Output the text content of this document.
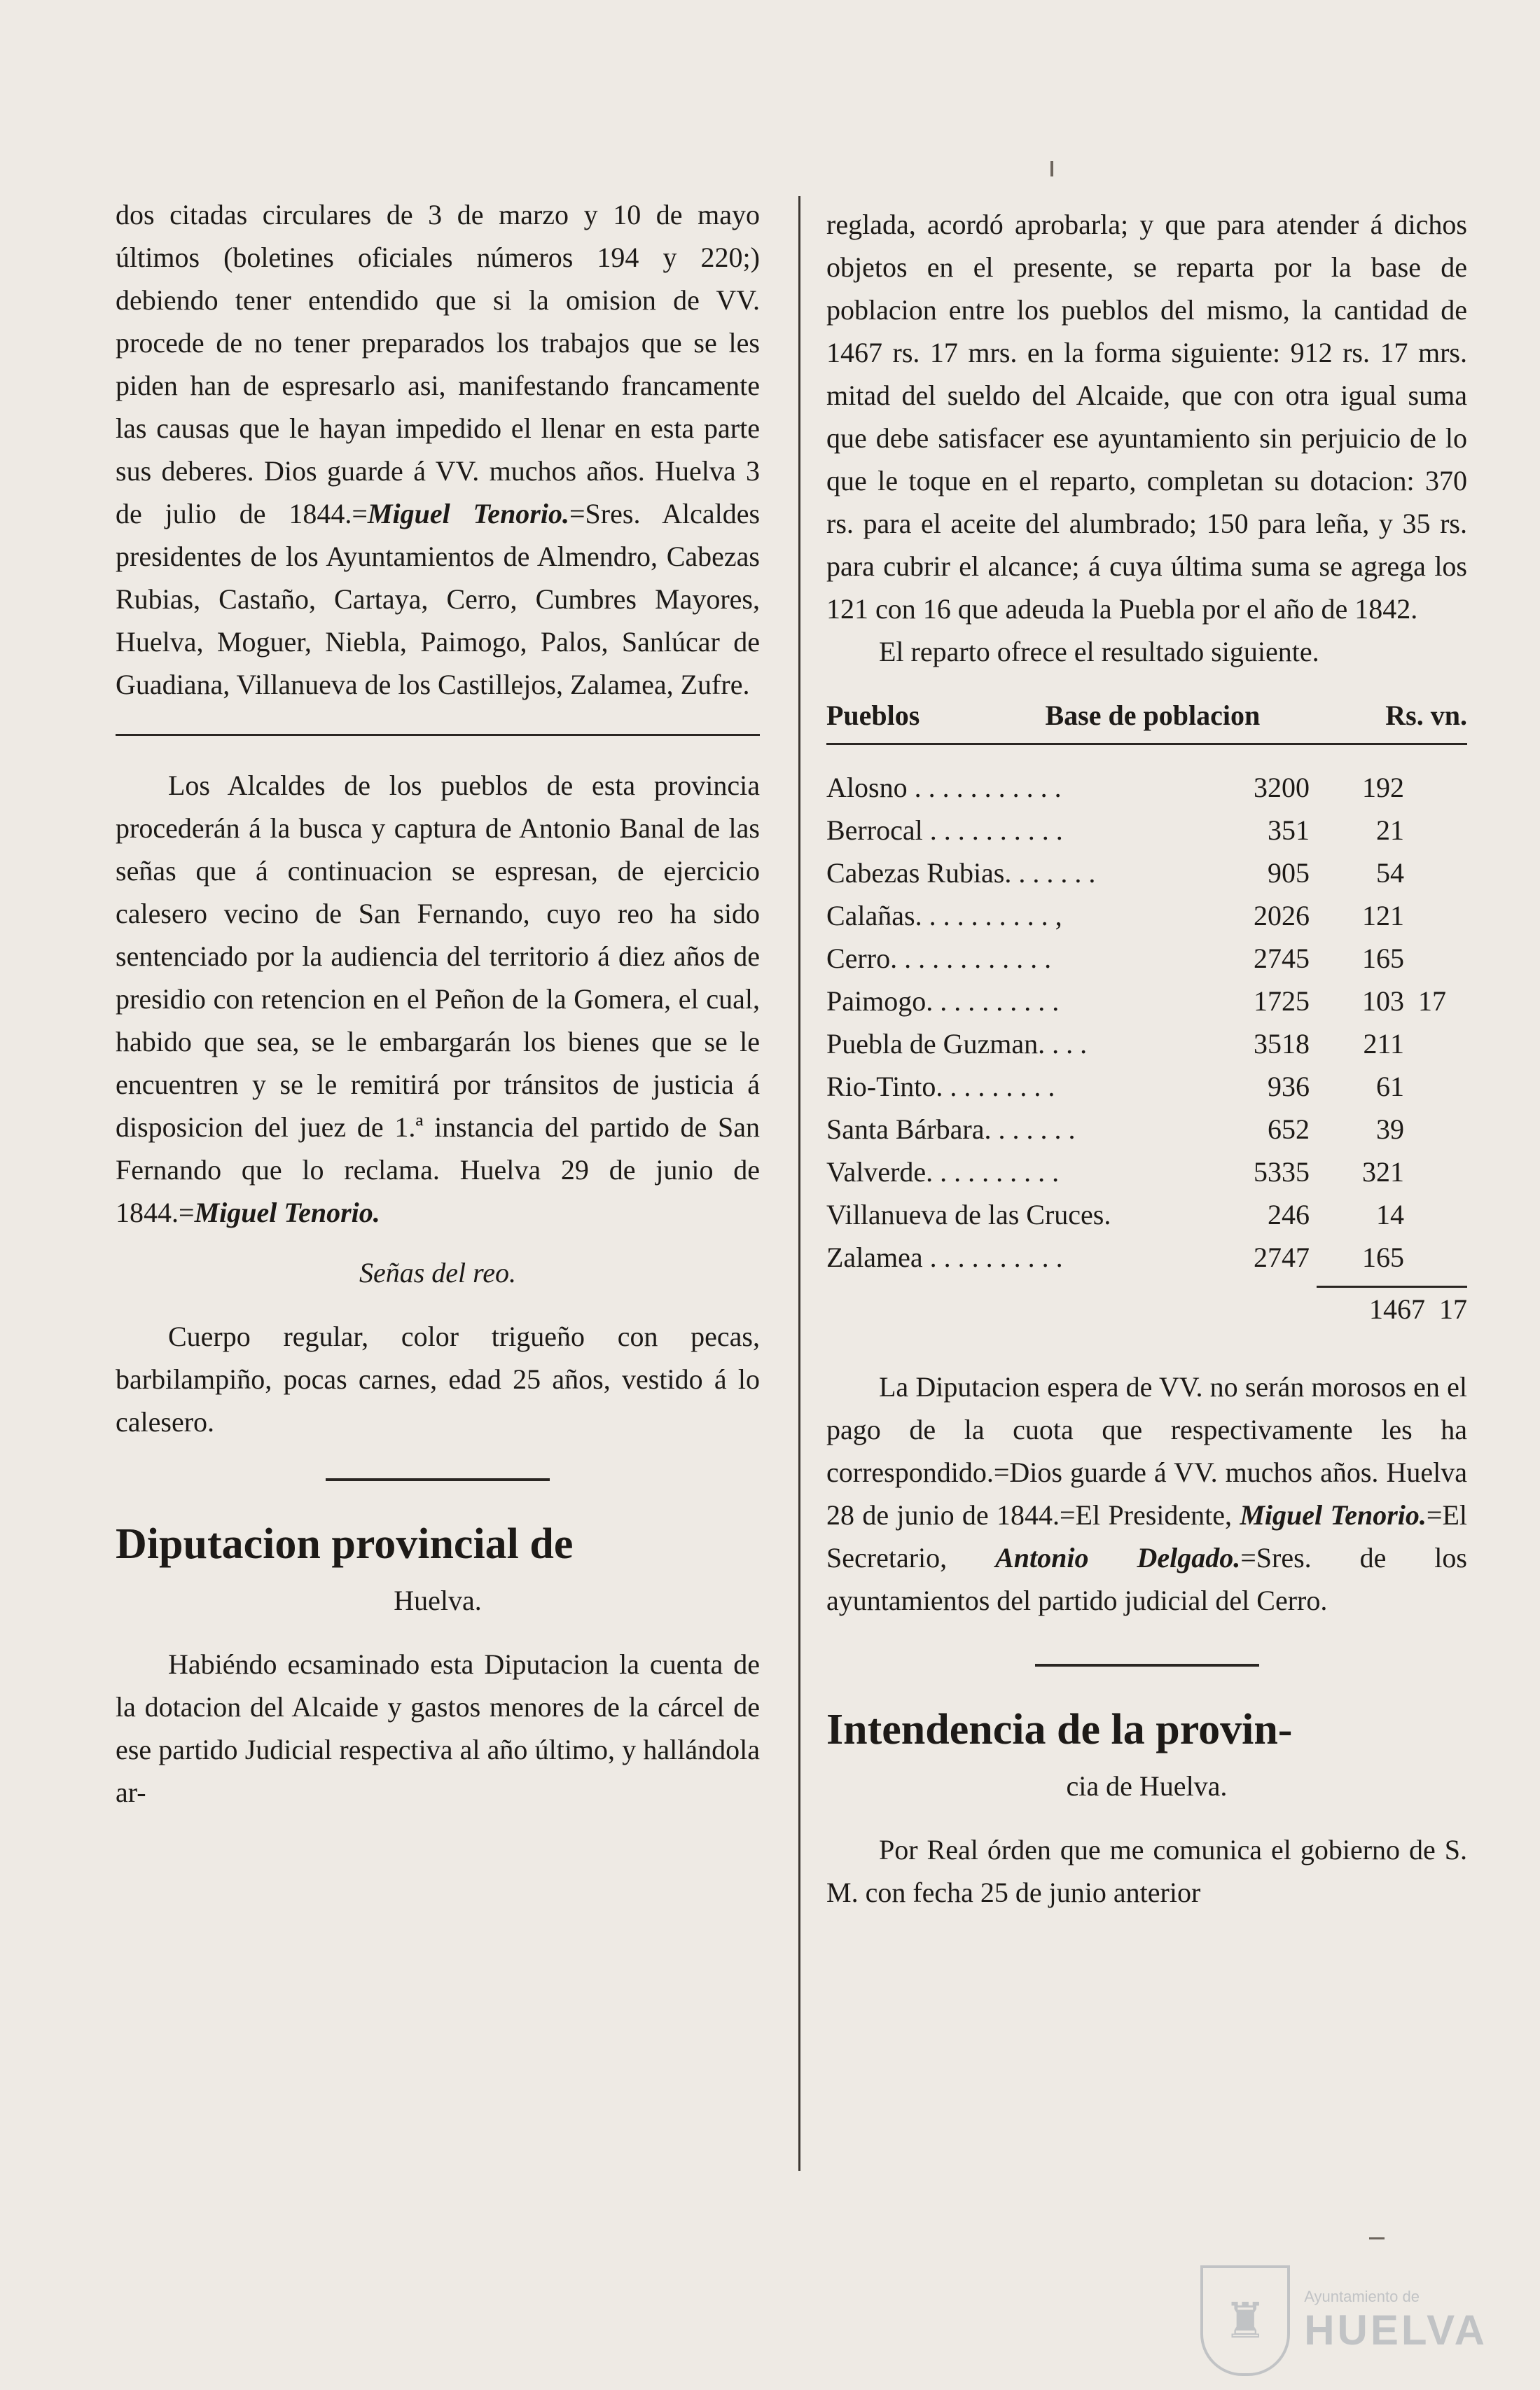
dos citadas circulares de 3 de marzo y 10 de mayo últimos (boletines oficiales números 194 y 220;) debiendo tener entendido que si la omision de VV. procede de no tener preparados los trabajos que se les piden han de espresarlo asi, manifestando francamente las causas que le hayan impedido el llenar en esta parte sus deberes. Dios guarde á VV. muchos años. Huelva 3 de julio de 1844.=Miguel Tenorio.=Sres. Alcaldes presidentes de los Ayuntamientos de Almendro, Cabezas Rubias, Castaño, Cartaya, Cerro, Cumbres Mayores, Huelva, Moguer, Niebla, Paimogo, Palos, Sanlúcar de Guadiana, Villanueva de los Castillejos, Zalamea, Zufre.

Los Alcaldes de los pueblos de esta provincia procederán á la busca y captura de Antonio Banal de las señas que á continuacion se espresan, de ejercicio calesero vecino de San Fernando, cuyo reo ha sido sentenciado por la audiencia del territorio á diez años de presidio con retencion en el Peñon de la Gomera, el cual, habido que sea, se le embargarán los bienes que se le encuentren y se le remitirá por tránsitos de justicia á disposicion del juez de 1.ª instancia del partido de San Fernando que lo reclama. Huelva 29 de junio de 1844.=Miguel Tenorio.

Señas del reo.

Cuerpo regular, color trigueño con pecas, barbilampiño, pocas carnes, edad 25 años, vestido á lo calesero.

Diputacion provincial de
Huelva.

Habiéndo ecsaminado esta Diputacion la cuenta de la dotacion del Alcaide y gastos menores de la cárcel de ese partido Judicial respectiva al año último, y hallándola ar-

reglada, acordó aprobarla; y que para atender á dichos objetos en el presente, se reparta por la base de poblacion entre los pueblos del mismo, la cantidad de 1467 rs. 17 mrs. en la forma siguiente: 912 rs. 17 mrs. mitad del sueldo del Alcaide, que con otra igual suma que debe satisfacer ese ayuntamiento sin perjuicio de lo que le toque en el reparto, completan su dotacion: 370 rs. para el aceite del alumbrado; 150 para leña, y 35 rs. para cubrir el alcance; á cuya última suma se agrega los 121 con 16 que adeuda la Puebla por el año de 1842.

El reparto ofrece el resultado siguiente.

Pueblos	Base de poblacion	Rs. vn.
Alosno . . . . . . . . . . .	3200	192
Berrocal . . . . . . . . . .	351	21
Cabezas Rubias. . . . . . .	905	54
Calañas. . . . . . . . . . ,	2026	121
Cerro. . . . . . . . . . . .	2745	165
Paimogo. . . . . . . . . .	1725	103 17
Puebla de Guzman. . . .	3518	211
Rio-Tinto. . . . . . . . .	936	61
Santa Bárbara. . . . . . .	652	39
Valverde. . . . . . . . . .	5335	321
Villanueva de las Cruces.	246	14
Zalamea . . . . . . . . . .	2747	165
1467 17

La Diputacion espera de VV. no serán morosos en el pago de la cuota que respectivamente les ha correspondido.=Dios guarde á VV. muchos años. Huelva 28 de junio de 1844.=El Presidente, Miguel Tenorio.=El Secretario, Antonio Delgado.=Sres. de los ayuntamientos del partido judicial del Cerro.

Intendencia de la provin-
cia de Huelva.

Por Real órden que me comunica el gobierno de S. M. con fecha 25 de junio anterior

♜	Ayuntamiento de
HUELVA
